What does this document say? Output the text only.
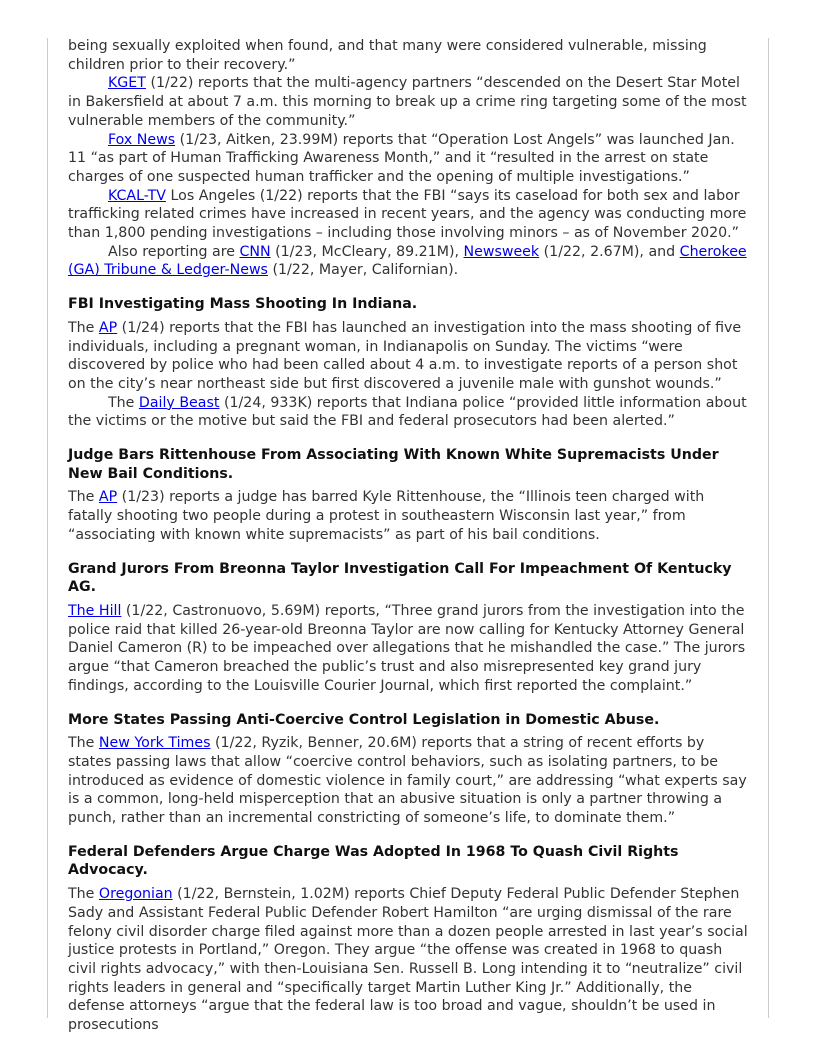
being sexually exploited when found, and that many were considered vulnerable, missing children prior to their recovery.”

KGET (1/22) reports that the multi-agency partners “descended on the Desert Star Motel in Bakersfield at about 7 a.m. this morning to break up a crime ring targeting some of the most vulnerable members of the community.”

Fox News (1/23, Aitken, 23.99M) reports that “Operation Lost Angels” was launched Jan. 11 “as part of Human Trafficking Awareness Month,” and it “resulted in the arrest on state charges of one suspected human trafficker and the opening of multiple investigations.”

KCAL-TV Los Angeles (1/22) reports that the FBI “says its caseload for both sex and labor trafficking related crimes have increased in recent years, and the agency was conducting more than 1,800 pending investigations – including those involving minors – as of November 2020.”

Also reporting are CNN (1/23, McCleary, 89.21M), Newsweek (1/22, 2.67M), and Cherokee (GA) Tribune & Ledger-News (1/22, Mayer, Californian).

FBI Investigating Mass Shooting In Indiana.

The AP (1/24) reports that the FBI has launched an investigation into the mass shooting of five individuals, including a pregnant woman, in Indianapolis on Sunday. The victims “were discovered by police who had been called about 4 a.m. to investigate reports of a person shot on the city’s near northeast side but first discovered a juvenile male with gunshot wounds.”

The Daily Beast (1/24, 933K) reports that Indiana police “provided little information about the victims or the motive but said the FBI and federal prosecutors had been alerted.”

Judge Bars Rittenhouse From Associating With Known White Supremacists Under New Bail Conditions.

The AP (1/23) reports a judge has barred Kyle Rittenhouse, the “Illinois teen charged with fatally shooting two people during a protest in southeastern Wisconsin last year,” from “associating with known white supremacists” as part of his bail conditions.

Grand Jurors From Breonna Taylor Investigation Call For Impeachment Of Kentucky AG.

The Hill (1/22, Castronuovo, 5.69M) reports, “Three grand jurors from the investigation into the police raid that killed 26-year-old Breonna Taylor are now calling for Kentucky Attorney General Daniel Cameron (R) to be impeached over allegations that he mishandled the case.” The jurors argue “that Cameron breached the public’s trust and also misrepresented key grand jury findings, according to the Louisville Courier Journal, which first reported the complaint.”

More States Passing Anti-Coercive Control Legislation in Domestic Abuse.

The New York Times (1/22, Ryzik, Benner, 20.6M) reports that a string of recent efforts by states passing laws that allow “coercive control behaviors, such as isolating partners, to be introduced as evidence of domestic violence in family court,” are addressing “what experts say is a common, long-held misperception that an abusive situation is only a partner throwing a punch, rather than an incremental constricting of someone’s life, to dominate them.”

Federal Defenders Argue Charge Was Adopted In 1968 To Quash Civil Rights Advocacy.

The Oregonian (1/22, Bernstein, 1.02M) reports Chief Deputy Federal Public Defender Stephen Sady and Assistant Federal Public Defender Robert Hamilton “are urging dismissal of the rare felony civil disorder charge filed against more than a dozen people arrested in last year’s social justice protests in Portland,” Oregon. They argue “the offense was created in 1968 to quash civil rights advocacy,” with then-Louisiana Sen. Russell B. Long intending it to “neutralize” civil rights leaders in general and “specifically target Martin Luther King Jr.” Additionally, the defense attorneys “argue that the federal law is too broad and vague, shouldn’t be used in prosecutions
